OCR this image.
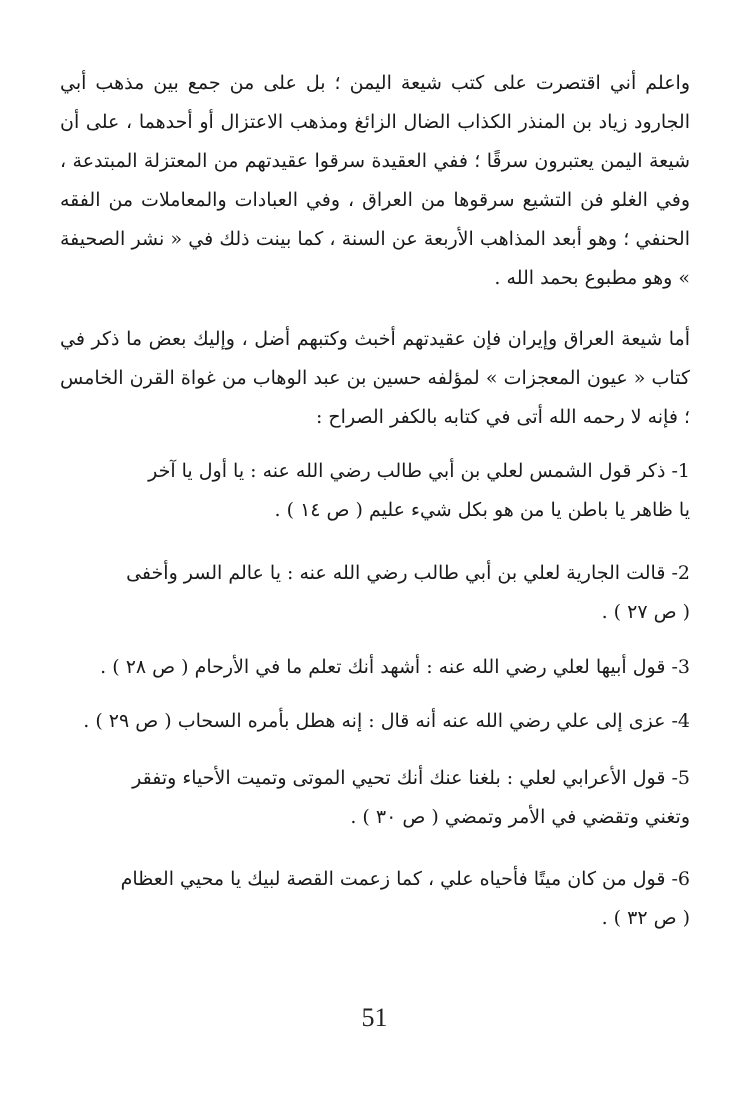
واعلم أني اقتصرت على كتب شيعة اليمن ؛ بل على من جمع بين مذهب أبي الجارود زياد بن المنذر الكذاب الضال الزائغ ومذهب الاعتزال أو أحدهما ، على أن شيعة اليمن يعتبرون سرقًا ؛ ففي العقيدة سرقوا عقيدتهم من المعتزلة المبتدعة ، وفي الغلو فن التشيع سرقوها من العراق ، وفي العبادات والمعاملات من الفقه الحنفي ؛ وهو أبعد المذاهب الأربعة عن السنة ، كما بينت ذلك في « نشر الصحيفة » وهو مطبوع بحمد الله .

أما شيعة العراق وإيران فإن عقيدتهم أخبث وكتبهم أضل ، وإليك بعض ما ذكر في كتاب « عيون المعجزات » لمؤلفه حسين بن عبد الوهاب من غواة القرن الخامس ؛ فإنه لا رحمه الله أتى في كتابه بالكفر الصراح :

1- ذكر قول الشمس لعلي بن أبي طالب رضي الله عنه : يا أول يا آخر
يا ظاهر يا باطن يا من هو بكل شيء عليم ( ص ١٤ ) .
2- قالت الجارية لعلي بن أبي طالب رضي الله عنه : يا عالم السر وأخفى
( ص ٢٧ ) .
3- قول أبيها لعلي رضي الله عنه : أشهد أنك تعلم ما في الأرحام ( ص ٢٨ ) .
4- عزى إلى علي رضي الله عنه أنه قال : إنه هطل بأمره السحاب ( ص ٢٩ ) .
5- قول الأعرابي لعلي : بلغنا عنك أنك تحيي الموتى وتميت الأحياء وتفقر
وتغني وتقضي في الأمر وتمضي ( ص ٣٠ ) .
6- قول من كان ميتًا فأحياه علي ، كما زعمت القصة لبيك يا محيي العظام
( ص ٣٢ ) .
51
